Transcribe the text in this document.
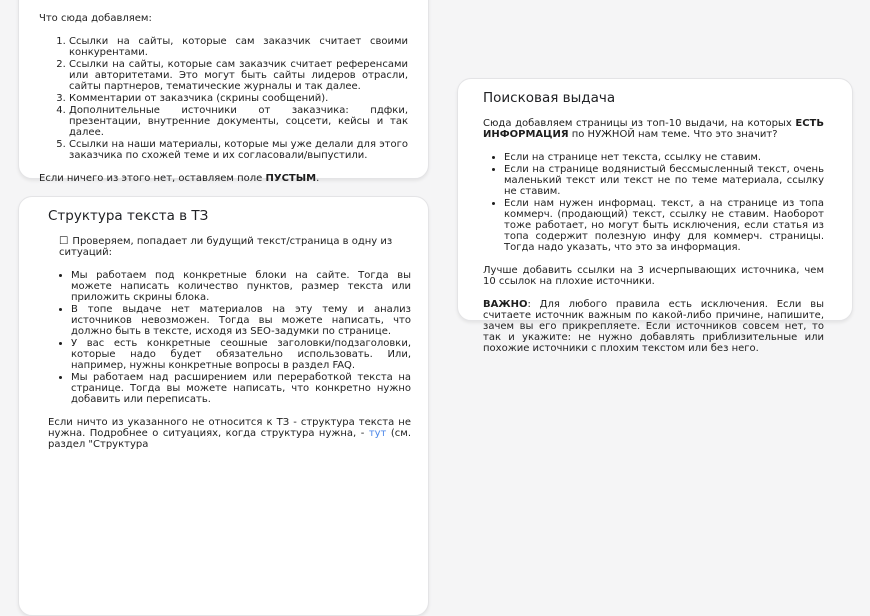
Что сюда добавляем:
1. Ссылки на сайты, которые сам заказчик считает своими конкурентами.
2. Ссылки на сайты, которые сам заказчик считает референсами или авторитетами. Это могут быть сайты лидеров отрасли, сайты партнеров, тематические журналы и так далее.
3. Комментарии от заказчика (скрины сообщений).
4. Дополнительные источники от заказчика: пдфки, презентации, внутренние документы, соцсети, кейсы и так далее.
5. Ссылки на наши материалы, которые мы уже делали для этого заказчика по схожей теме и их согласовали/выпустили.

Если ничего из этого нет, оставляем поле ПУСТЫМ.

Структура текста в ТЗ

☐ Проверяем, попадает ли будущий текст/страница в одну из ситуаций:

• Мы работаем под конкретные блоки на сайте. Тогда вы можете написать количество пунктов, размер текста или приложить скрины блока.
• В топе выдаче нет материалов на эту тему и анализ источников невозможен. Тогда вы можете написать, что должно быть в тексте, исходя из SEO-задумки по странице.
• У вас есть конкретные сеошные заголовки/подзаголовки, которые надо будет обязательно использовать. Или, например, нужны конкретные вопросы в раздел FAQ.
• Мы работаем над расширением или переработкой текста на странице. Тогда вы можете написать, что конкретно нужно добавить или переписать.

Если ничто из указанного не относится к ТЗ - структура текста не нужна. Подробнее о ситуациях, когда структура нужна, - тут (см. раздел "Структура

Поисковая выдача

Сюда добавляем страницы из топ-10 выдачи, на которых ЕСТЬ ИНФОРМАЦИЯ по НУЖНОЙ нам теме. Что это значит?

• Если на странице нет текста, ссылку не ставим.
• Если на странице водянистый бессмысленный текст, очень маленький текст или текст не по теме материала, ссылку не ставим.
• Если нам нужен информац. текст, а на странице из топа коммерч. (продающий) текст, ссылку не ставим. Наоборот тоже работает, но могут быть исключения, если статья из топа содержит полезную инфу для коммерч. страницы. Тогда надо указать, что это за информация.

Лучше добавить ссылки на 3 исчерпывающих источника, чем 10 ссылок на плохие источники.

ВАЖНО: Для любого правила есть исключения. Если вы считаете источник важным по какой-либо причине, напишите, зачем вы его прикрепляете. Если источников совсем нет, то так и укажите: не нужно добавлять приблизительные или похожие источники с плохим текстом или без него.
